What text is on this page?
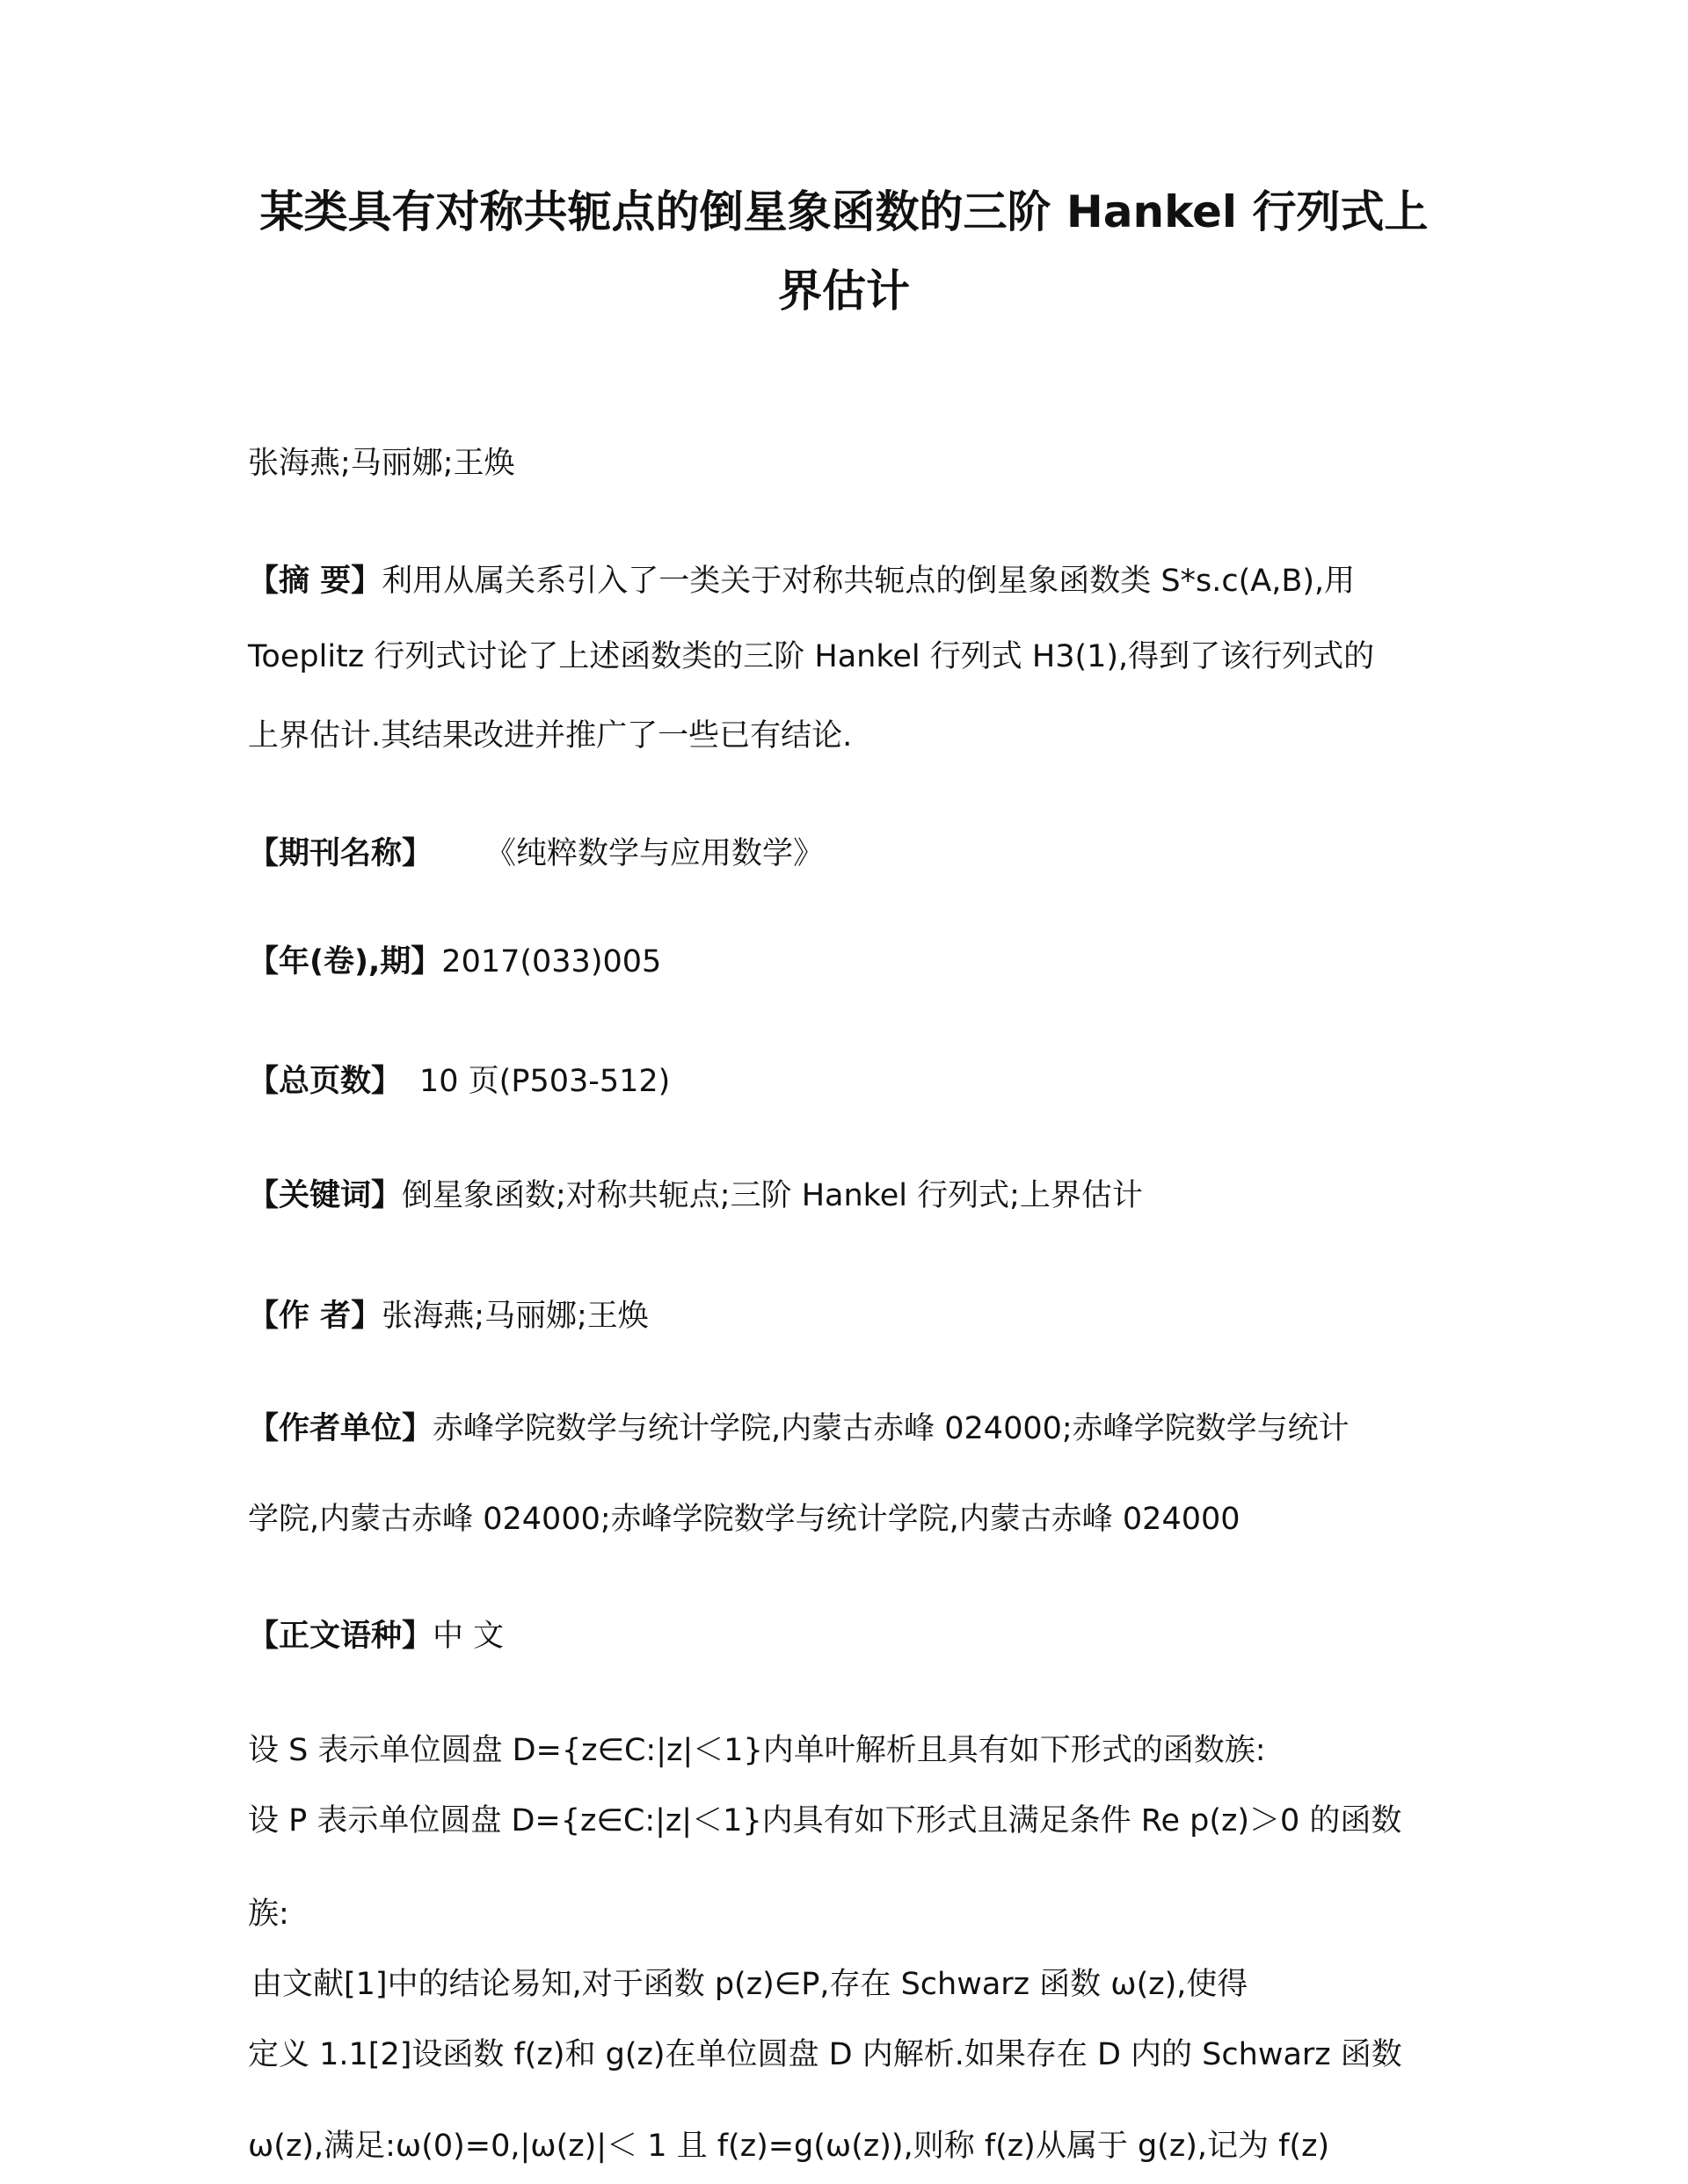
某类具有对称共轭点的倒星象函数的三阶 Hankel 行列式上
界估计
张海燕;马丽娜;王焕
【摘 要】利用从属关系引入了一类关于对称共轭点的倒星象函数类 S*s.c(A,B),用
Toeplitz 行列式讨论了上述函数类的三阶 Hankel 行列式 H3(1),得到了该行列式的
上界估计.其结果改进并推广了一些已有结论.
【期刊名称】 《纯粹数学与应用数学》
【年(卷),期】2017(033)005
【总页数】 10 页(P503-512)
【关键词】倒星象函数;对称共轭点;三阶 Hankel 行列式;上界估计
【作 者】张海燕;马丽娜;王焕
【作者单位】赤峰学院数学与统计学院,内蒙古赤峰 024000;赤峰学院数学与统计
学院,内蒙古赤峰 024000;赤峰学院数学与统计学院,内蒙古赤峰 024000
【正文语种】中 文
设 S 表示单位圆盘 D={z∈C:|z|＜1}内单叶解析且具有如下形式的函数族:
设 P 表示单位圆盘 D={z∈C:|z|＜1}内具有如下形式且满足条件 Re p(z)＞0 的函数
族:
由文献[1]中的结论易知,对于函数 p(z)∈P,存在 Schwarz 函数 ω(z),使得
定义 1.1[2]设函数 f(z)和 g(z)在单位圆盘 D 内解析.如果存在 D 内的 Schwarz 函数
ω(z),满足:ω(0)=0,|ω(z)|＜ 1 且 f(z)=g(ω(z)),则称 f(z)从属于 g(z),记为 f(z)
